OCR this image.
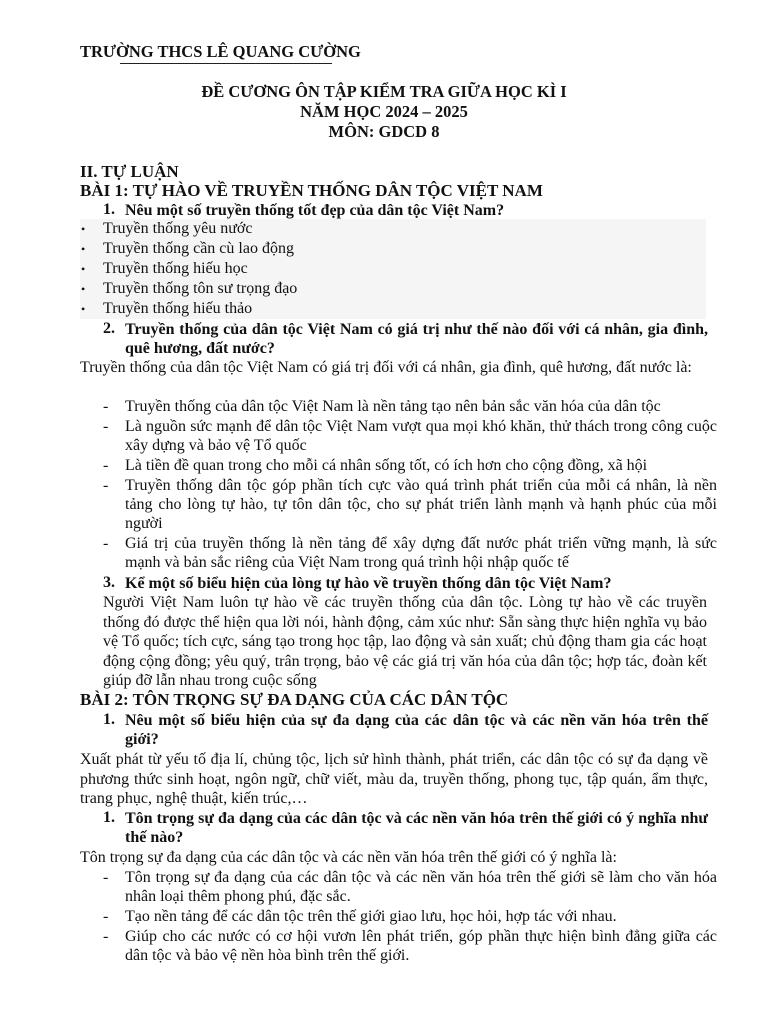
TRƯỜNG THCS LÊ QUANG CƯỜNG
ĐỀ CƯƠNG ÔN TẬP KIỂM TRA GIỮA HỌC KÌ I
NĂM HỌC 2024 – 2025
MÔN: GDCD 8
II. TỰ LUẬN
BÀI 1: TỰ HÀO VỀ TRUYỀN THỐNG DÂN TỘC VIỆT NAM
1. Nêu một số truyền thống tốt đẹp của dân tộc Việt Nam?
• Truyền thống yêu nước
• Truyền thống cần cù lao động
• Truyền thống hiếu học
• Truyền thống tôn sư trọng đạo
• Truyền thống hiếu thảo
2. Truyền thống của dân tộc Việt Nam có giá trị như thế nào đối với cá nhân, gia đình, quê hương, đất nước?
Truyền thống của dân tộc Việt Nam có giá trị đối với cá nhân, gia đình, quê hương, đất nước là:
- Truyền thống của dân tộc Việt Nam là nền tảng tạo nên bản sắc văn hóa của dân tộc
- Là nguồn sức mạnh để dân tộc Việt Nam vượt qua mọi khó khăn, thử thách trong công cuộc xây dựng và bảo vệ Tổ quốc
- Là tiền đề quan trong cho mỗi cá nhân sống tốt, có ích hơn cho cộng đồng, xã hội
- Truyền thống dân tộc góp phần tích cực vào quá trình phát triển của mỗi cá nhân, là nền tảng cho lòng tự hào, tự tôn dân tộc, cho sự phát triển lành mạnh và hạnh phúc của mỗi người
- Giá trị của truyền thống là nền tảng để xây dựng đất nước phát triển vững mạnh, là sức mạnh và bản sắc riêng của Việt Nam trong quá trình hội nhập quốc tế
3. Kể một số biểu hiện của lòng tự hào về truyền thống dân tộc Việt Nam?
Người Việt Nam luôn tự hào về các truyền thống của dân tộc. Lòng tự hào về các truyền thống đó được thể hiện qua lời nói, hành động, cảm xúc như: Sẵn sàng thực hiện nghĩa vụ bảo vệ Tổ quốc; tích cực, sáng tạo trong học tập, lao động và sản xuất; chủ động tham gia các hoạt động cộng đồng; yêu quý, trân trọng, bảo vệ các giá trị văn hóa của dân tộc; hợp tác, đoàn kết giúp đỡ lẫn nhau trong cuộc sống
BÀI 2: TÔN TRỌNG SỰ ĐA DẠNG CỦA CÁC DÂN TỘC
1. Nêu một số biểu hiện của sự đa dạng của các dân tộc và các nền văn hóa trên thế giới?
Xuất phát từ yếu tố địa lí, chủng tộc, lịch sử hình thành, phát triển, các dân tộc có sự đa dạng về phương thức sinh hoạt, ngôn ngữ, chữ viết, màu da, truyền thống, phong tục, tập quán, ẩm thực, trang phục, nghệ thuật, kiến trúc,…
1. Tôn trọng sự đa dạng của các dân tộc và các nền văn hóa trên thế giới có ý nghĩa như thế nào?
Tôn trọng sự đa dạng của các dân tộc và các nền văn hóa trên thế giới có ý nghĩa là:
- Tôn trọng sự đa dạng của các dân tộc và các nền văn hóa trên thế giới sẽ làm cho văn hóa nhân loại thêm phong phú, đặc sắc.
- Tạo nền tảng để các dân tộc trên thế giới giao lưu, học hỏi, hợp tác với nhau.
- Giúp cho các nước có cơ hội vươn lên phát triển, góp phần thực hiện bình đẳng giữa các dân tộc và bảo vệ nền hòa bình trên thế giới.
